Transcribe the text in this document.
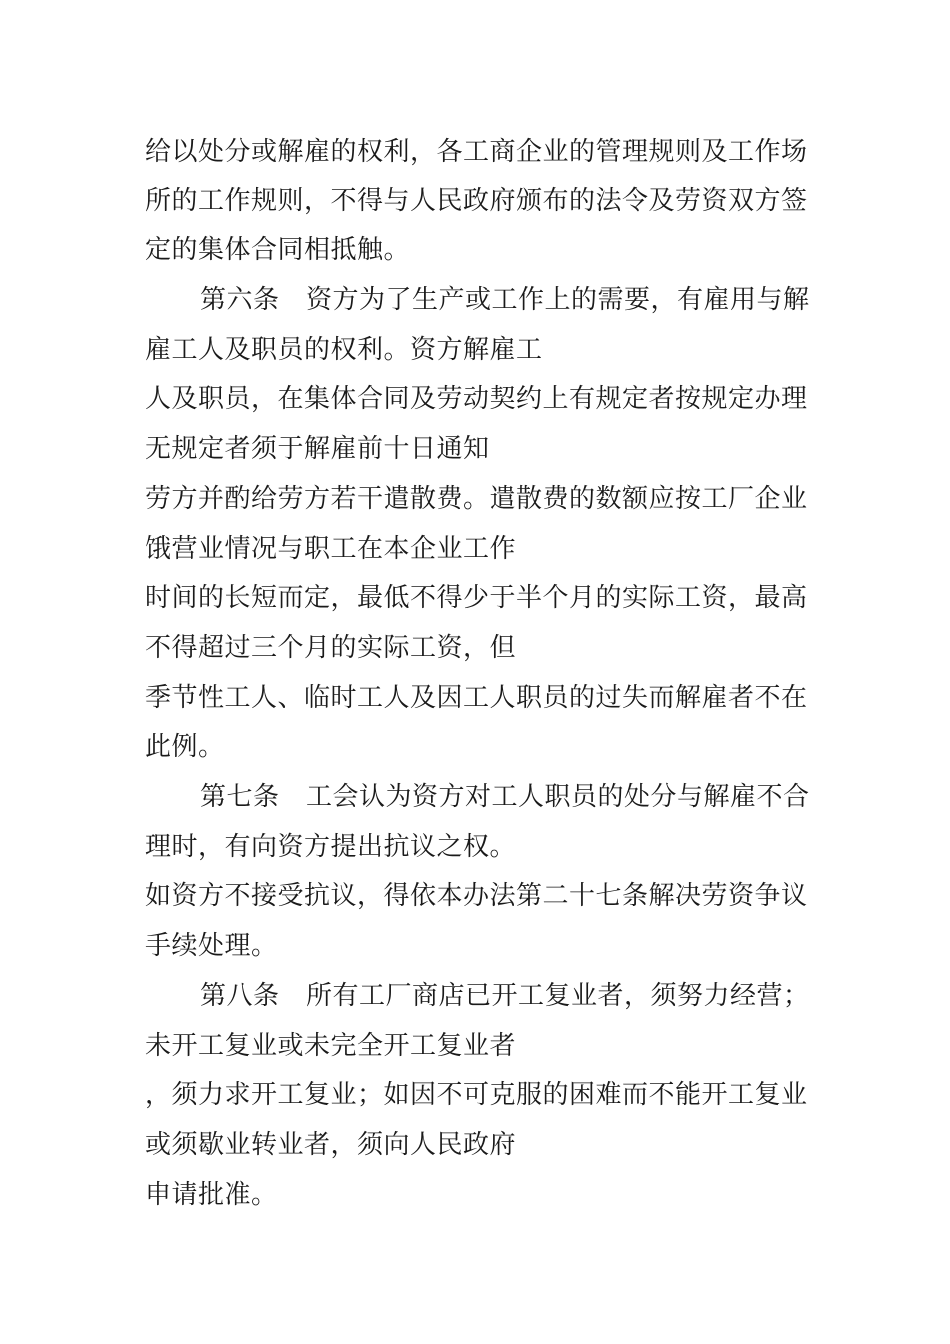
给以处分或解雇的权利，各工商企业的管理规则及工作场
所的工作规则，不得与人民政府颁布的法令及劳资双方签
定的集体合同相抵触。
第六条　资方为了生产或工作上的需要，有雇用与解
雇工人及职员的权利。资方解雇工
人及职员，在集体合同及劳动契约上有规定者按规定办理
无规定者须于解雇前十日通知
劳方并酌给劳方若干遣散费。遣散费的数额应按工厂企业
饿营业情况与职工在本企业工作
时间的长短而定，最低不得少于半个月的实际工资，最高
不得超过三个月的实际工资，但
季节性工人、临时工人及因工人职员的过失而解雇者不在
此例。
第七条　工会认为资方对工人职员的处分与解雇不合
理时，有向资方提出抗议之权。
如资方不接受抗议，得依本办法第二十七条解决劳资争议
手续处理。
第八条　所有工厂商店已开工复业者，须努力经营；
未开工复业或未完全开工复业者
，须力求开工复业；如因不可克服的困难而不能开工复业
或须歇业转业者，须向人民政府
申请批准。
